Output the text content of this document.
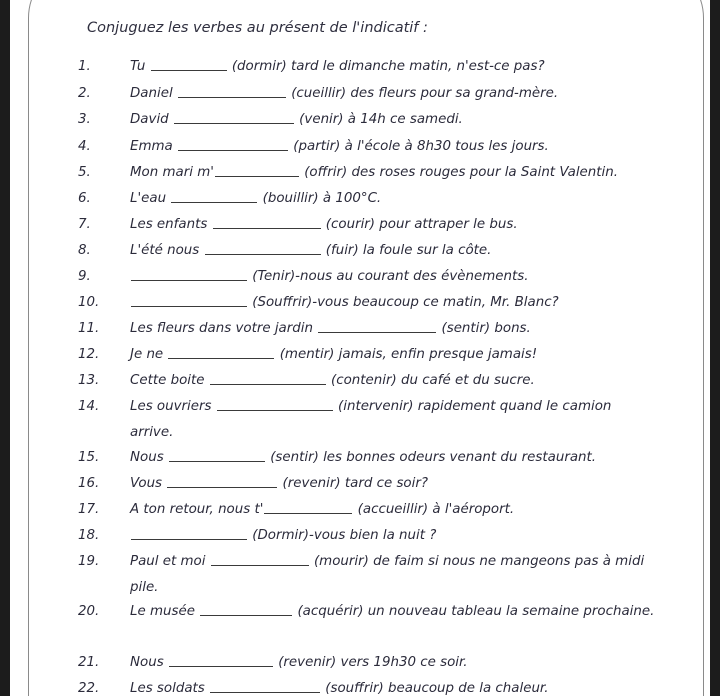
Conjuguez les verbes au présent de l'indicatif :
1.	Tu	(dormir) tard le dimanche matin, n'est-ce pas?
2.	Daniel	(cueillir) des fleurs pour sa grand-mère.
3.	David	(venir) à 14h ce samedi.
4.	Emma	(partir) à l'école à 8h30 tous les jours.
5.	Mon mari m'	(offrir) des roses rouges pour la Saint Valentin.
6.	L'eau	(bouillir) à 100°C.
7.	Les enfants	(courir) pour attraper le bus.
8.	L'été nous	(fuir) la foule sur la côte.
9.	(Tenir)-nous au courant des évènements.
10.	(Souffrir)-vous beaucoup ce matin, Mr. Blanc?
11.	Les fleurs dans votre jardin	(sentir) bons.
12.	Je ne	(mentir) jamais, enfin presque jamais!
13.	Cette boite	(contenir) du café et du sucre.
14.	Les ouvriers	(intervenir) rapidement quand le camion arrive.
15.	Nous	(sentir) les bonnes odeurs venant du restaurant.
16.	Vous	(revenir) tard ce soir?
17.	A ton retour, nous t'	(accueillir) à l'aéroport.
18.	(Dormir)-vous bien la nuit ?
19.	Paul et moi	(mourir) de faim si nous ne mangeons pas à midi pile.
20.	Le musée	(acquérir) un nouveau tableau la semaine prochaine.
21.	Nous	(revenir) vers 19h30 ce soir.
22.	Les soldats	(souffrir) beaucoup de la chaleur.
